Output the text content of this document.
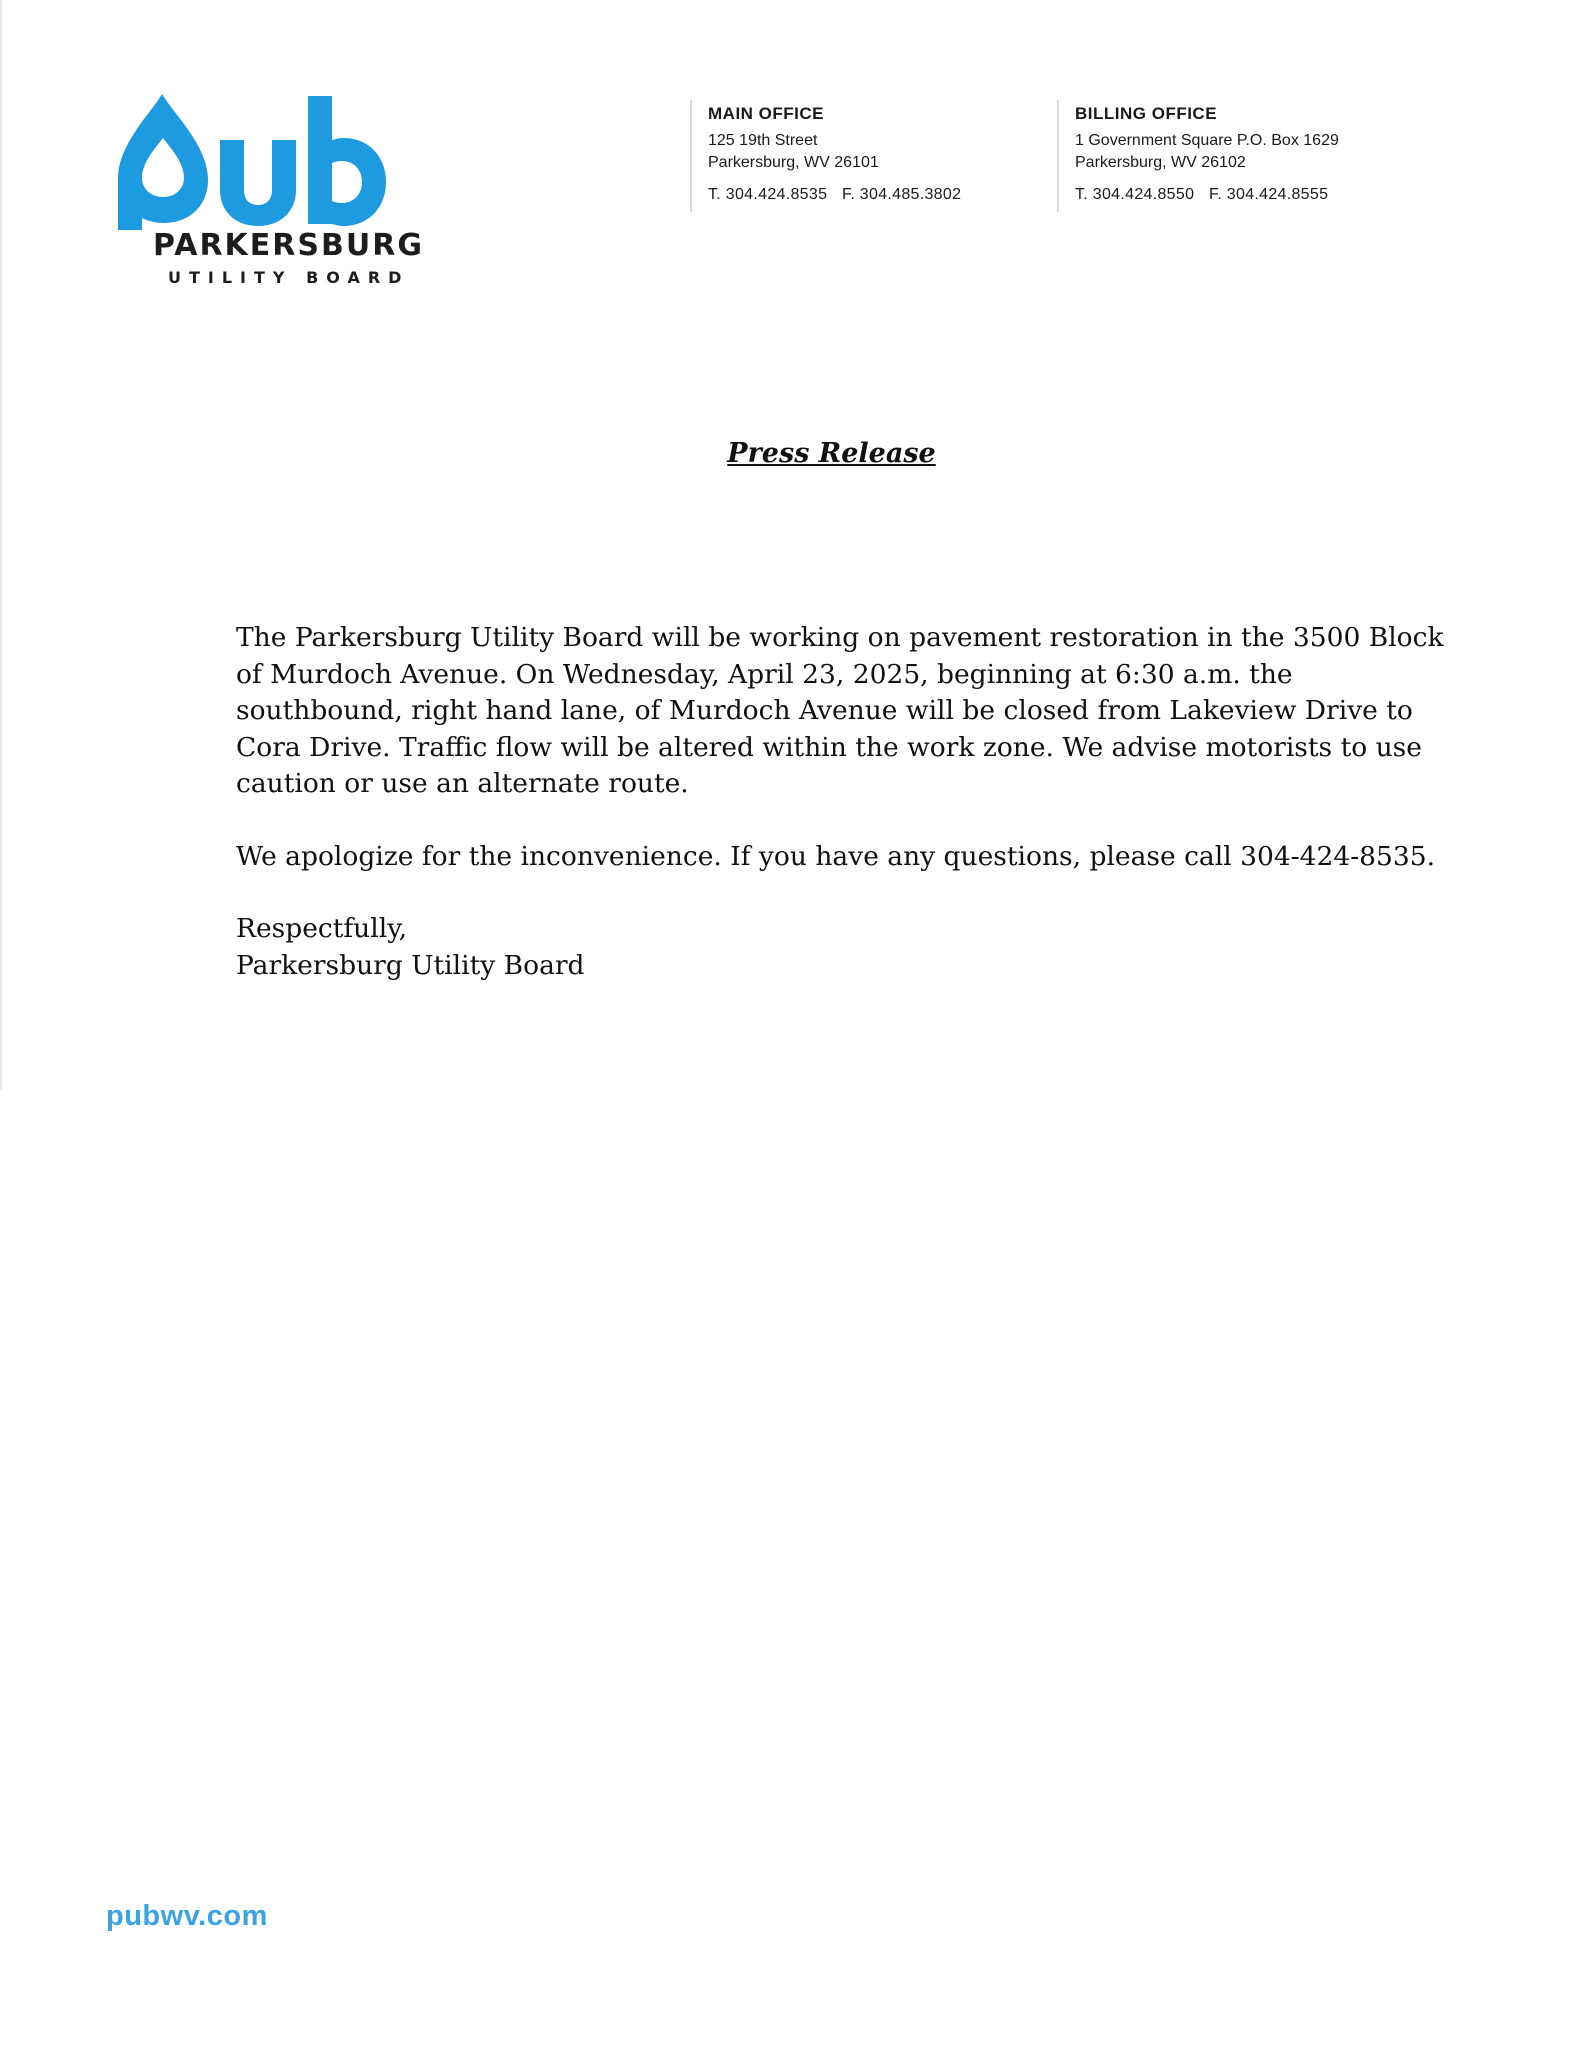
PARKERSBURG
UTILITY BOARD
MAIN OFFICE
125 19th Street
Parkersburg, WV 26101
T. 304.424.8535 F. 304.485.3802
BILLING OFFICE
1 Government Square P.O. Box 1629
Parkersburg, WV 26102
T. 304.424.8550 F. 304.424.8555
Press Release

The Parkersburg Utility Board will be working on pavement restoration in the 3500 Block
of Murdoch Avenue. On Wednesday, April 23, 2025, beginning at 6:30 a.m. the
southbound, right hand lane, of Murdoch Avenue will be closed from Lakeview Drive to
Cora Drive. Traffic flow will be altered within the work zone. We advise motorists to use
caution or use an alternate route.

We apologize for the inconvenience. If you have any questions, please call 304-424-8535.

Respectfully,
Parkersburg Utility Board

pubwv.com
